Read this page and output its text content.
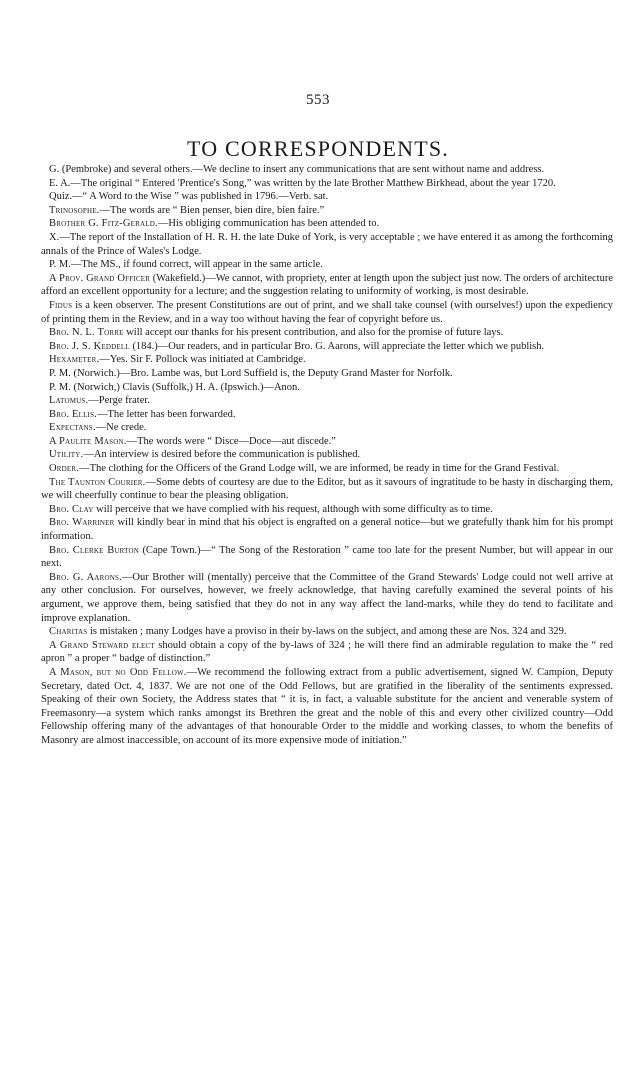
553
TO CORRESPONDENTS.

G. (Pembroke) and several others.—We decline to insert any communications that are sent without name and address.

E. A.—The original “ Entered 'Prentice's Song,” was written by the late Brother Matthew Birkhead, about the year 1720.

Quiz.—“ A Word to the Wise ” was published in 1796.—Verb. sat.

Trinosophe.—The words are “ Bien penser, bien dire, bien faire.”

Brother G. Fitz-Gerald.—His obliging communication has been attended to.

X.—The report of the Installation of H. R. H. the late Duke of York, is very acceptable ; we have entered it as among the forthcoming annals of the Prince of Wales's Lodge.

P. M.—The MS., if found correct, will appear in the same article.

A Prov. Grand Officer (Wakefield.)—We cannot, with propriety, enter at length upon the subject just now. The orders of architecture afford an excellent opportunity for a lecture; and the suggestion relating to uniformity of working, is most desirable.

Fidus is a keen observer. The present Constitutions are out of print, and we shall take counsel (with ourselves!) upon the expediency of printing them in the Review, and in a way too without having the fear of copyright before us.

Bro. N. L. Torre will accept our thanks for his present contribution, and also for the promise of future lays.

Bro. J. S. Keddell (184.)—Our readers, and in particular Bro. G. Aarons, will appreciate the letter which we publish.

Hexameter.—Yes. Sir F. Pollock was initiated at Cambridge.

P. M. (Norwich.)—Bro. Lambe was, but Lord Suffield is, the Deputy Grand Master for Norfolk.

P. M. (Norwich,) Clavis (Suffolk,) H. A. (Ipswich.)—Anon.

Latomus.—Perge frater.

Bro. Ellis.—The letter has been forwarded.

Expectans.—Ne crede.

A Paulite Mason.—The words were “ Disce—Doce—aut discede.”

Utility.—An interview is desired before the communication is published.

Order.—The clothing for the Officers of the Grand Lodge will, we are informed, be ready in time for the Grand Festival.

The Taunton Courier.—Some debts of courtesy are due to the Editor, but as it savours of ingratitude to be hasty in discharging them, we will cheerfully continue to bear the pleasing obligation.

Bro. Clay will perceive that we have complied with his request, although with some difficulty as to time.

Bro. Warriner will kindly bear in mind that his object is engrafted on a general notice—but we gratefully thank him for his prompt information.

Bro. Clerke Burton (Cape Town.)—“ The Song of the Restoration ” came too late for the present Number, but will appear in our next.

Bro. G. Aarons.—Our Brother will (mentally) perceive that the Committee of the Grand Stewards' Lodge could not well arrive at any other conclusion. For ourselves, however, we freely acknowledge, that having carefully examined the several points of his argument, we approve them, being satisfied that they do not in any way affect the land-marks, while they do tend to facilitate and improve explanation.

Charitas is mistaken ; many Lodges have a proviso in their by-laws on the subject, and among these are Nos. 324 and 329.

A Grand Steward elect should obtain a copy of the by-laws of 324 ; he will there find an admirable regulation to make the “ red apron ” a proper “ badge of distinction.”

A Mason, but no Odd Fellow.—We recommend the following extract from a public advertisement, signed W. Campion, Deputy Secretary, dated Oct. 4, 1837. We are not one of the Odd Fellows, but are gratified in the liberality of the sentiments expressed. Speaking of their own Society, the Address states that “ it is, in fact, a valuable substitute for the ancient and venerable system of Freemasonry—a system which ranks amongst its Brethren the great and the noble of this and every other civilized country—Odd Fellowship offering many of the advantages of that honourable Order to the middle and working classes, to whom the benefits of Masonry are almost inaccessible, on account of its more expensive mode of initiation.”
